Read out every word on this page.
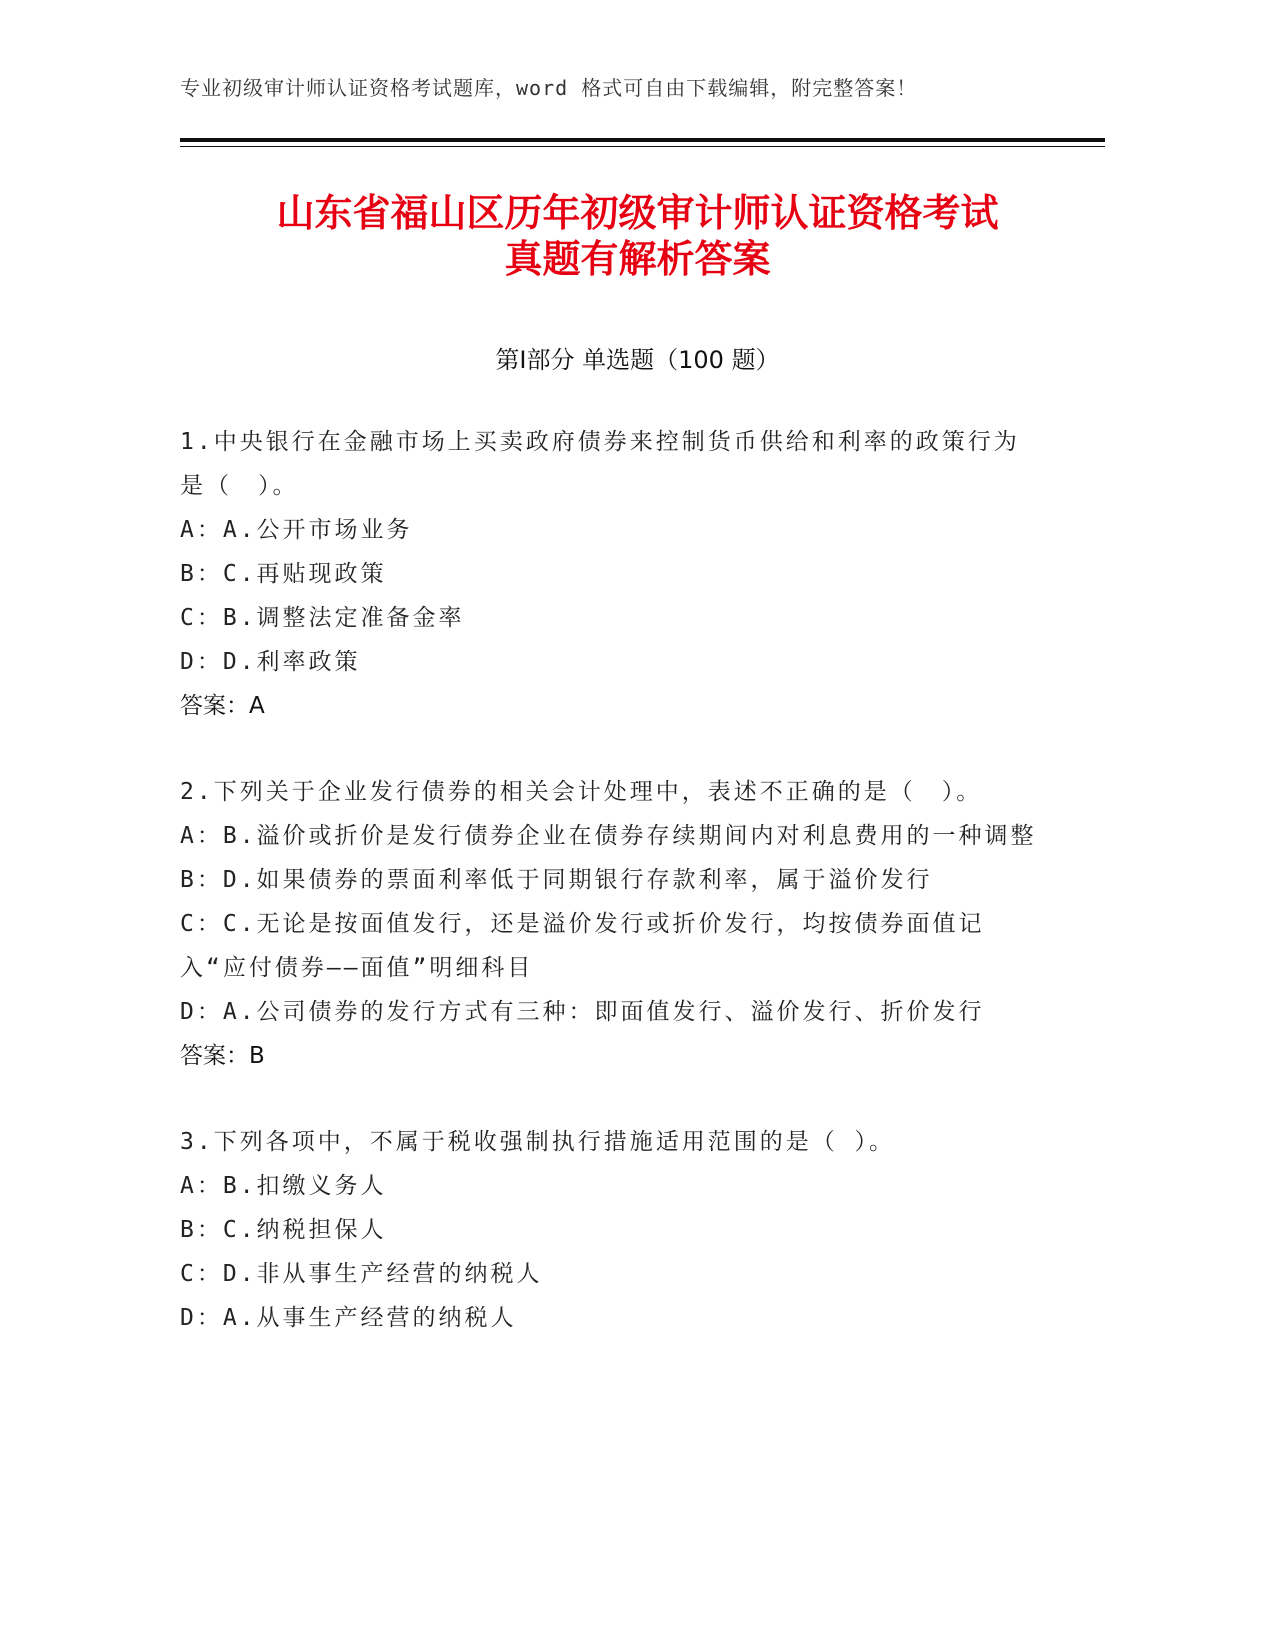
专业初级审计师认证资格考试题库，word 格式可自由下载编辑，附完整答案！
山东省福山区历年初级审计师认证资格考试
真题有解析答案
第Ⅰ部分 单选题（100 题）
1.中央银行在金融市场上买卖政府债券来控制货币供给和利率的政策行为是（　）。
A：A.公开市场业务
B：C.再贴现政策
C：B.调整法定准备金率
D：D.利率政策
答案：A
2.下列关于企业发行债券的相关会计处理中，表述不正确的是（　）。
A：B.溢价或折价是发行债券企业在债券存续期间内对利息费用的一种调整
B：D.如果债券的票面利率低于同期银行存款利率，属于溢价发行
C：C.无论是按面值发行，还是溢价发行或折价发行，均按债券面值记入“应付债券——面值”明细科目
D：A.公司债券的发行方式有三种：即面值发行、溢价发行、折价发行
答案：B
3.下列各项中，不属于税收强制执行措施适用范围的是（ ）。
A：B.扣缴义务人
B：C.纳税担保人
C：D.非从事生产经营的纳税人
D：A.从事生产经营的纳税人
